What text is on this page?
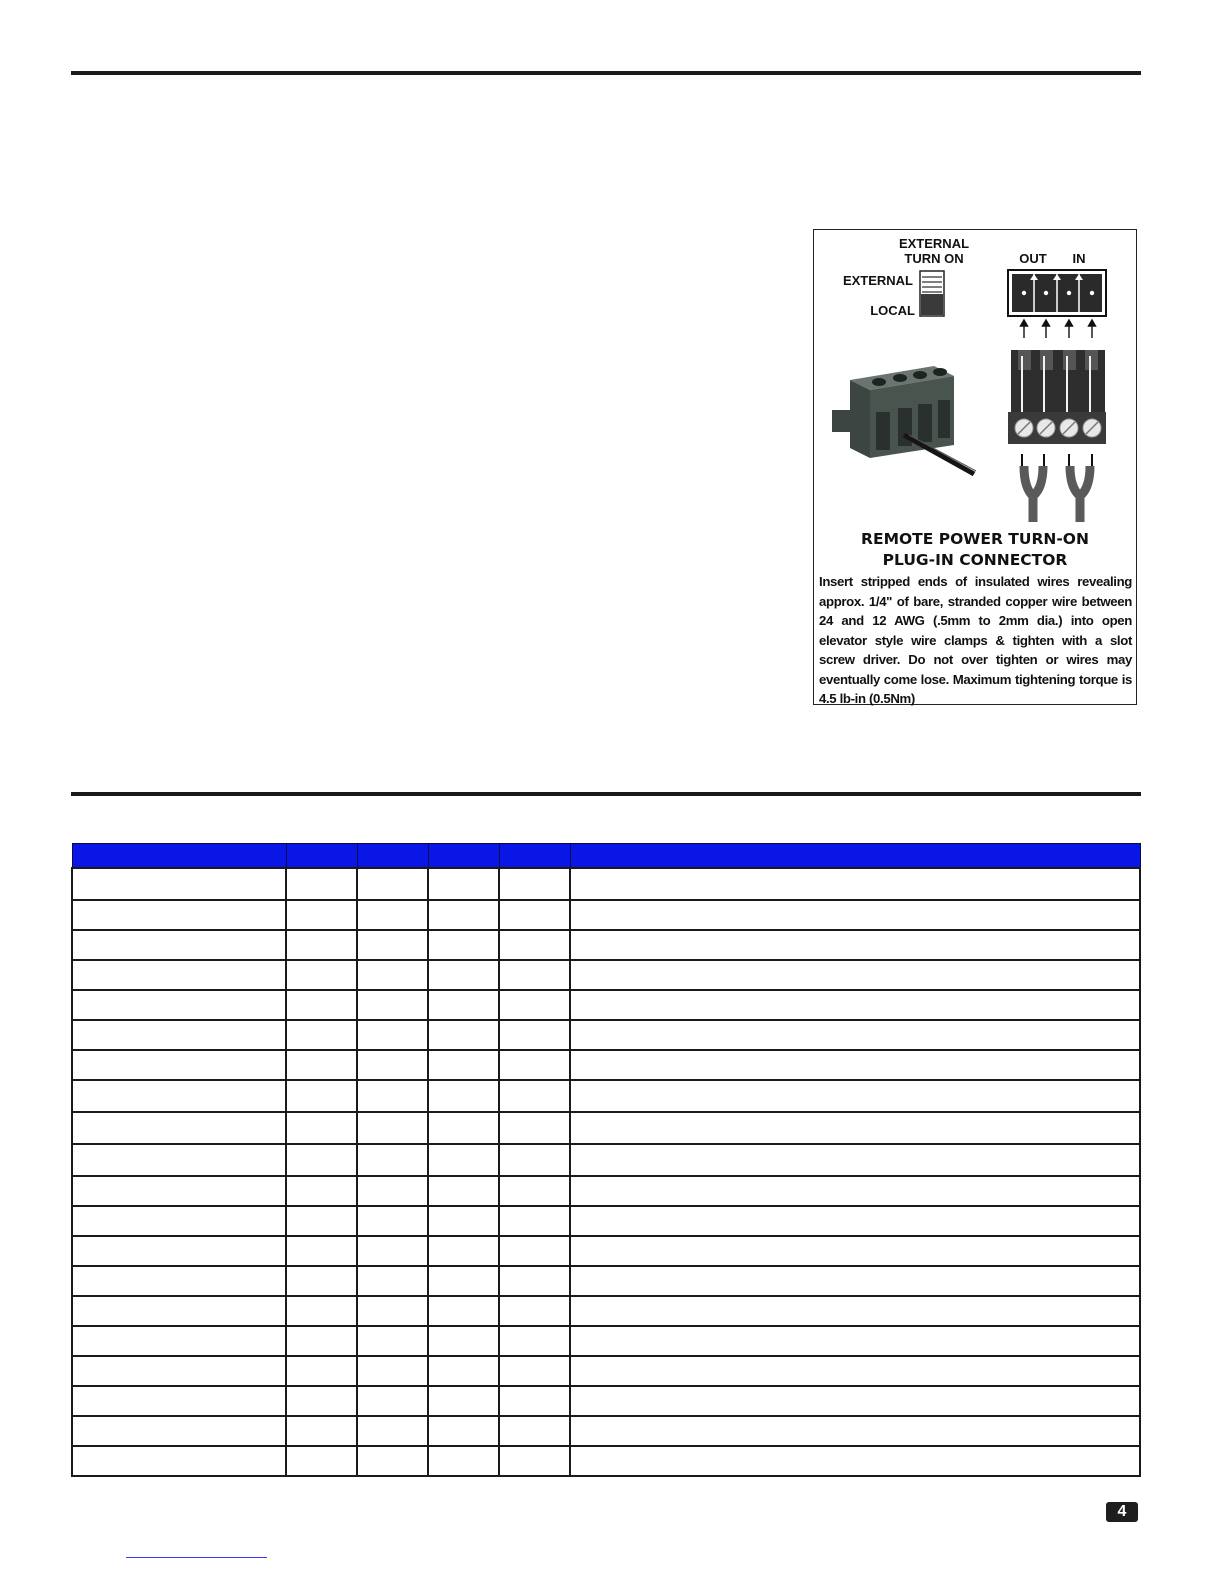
EXTERNAL
TURN ON
EXTERNAL
LOCAL
OUT IN
REMOTE POWER TURN-ON
PLUG-IN CONNECTOR
Insert stripped ends of insulated wires revealing approx. 1/4" of bare, stranded copper wire between 24 and 12 AWG (.5mm to 2mm dia.) into open elevator style wire clamps & tighten with a slot screw driver. Do not over tighten or wires may eventually come lose. Maximum tightening torque is 4.5 lb-in (0.5Nm)

4
